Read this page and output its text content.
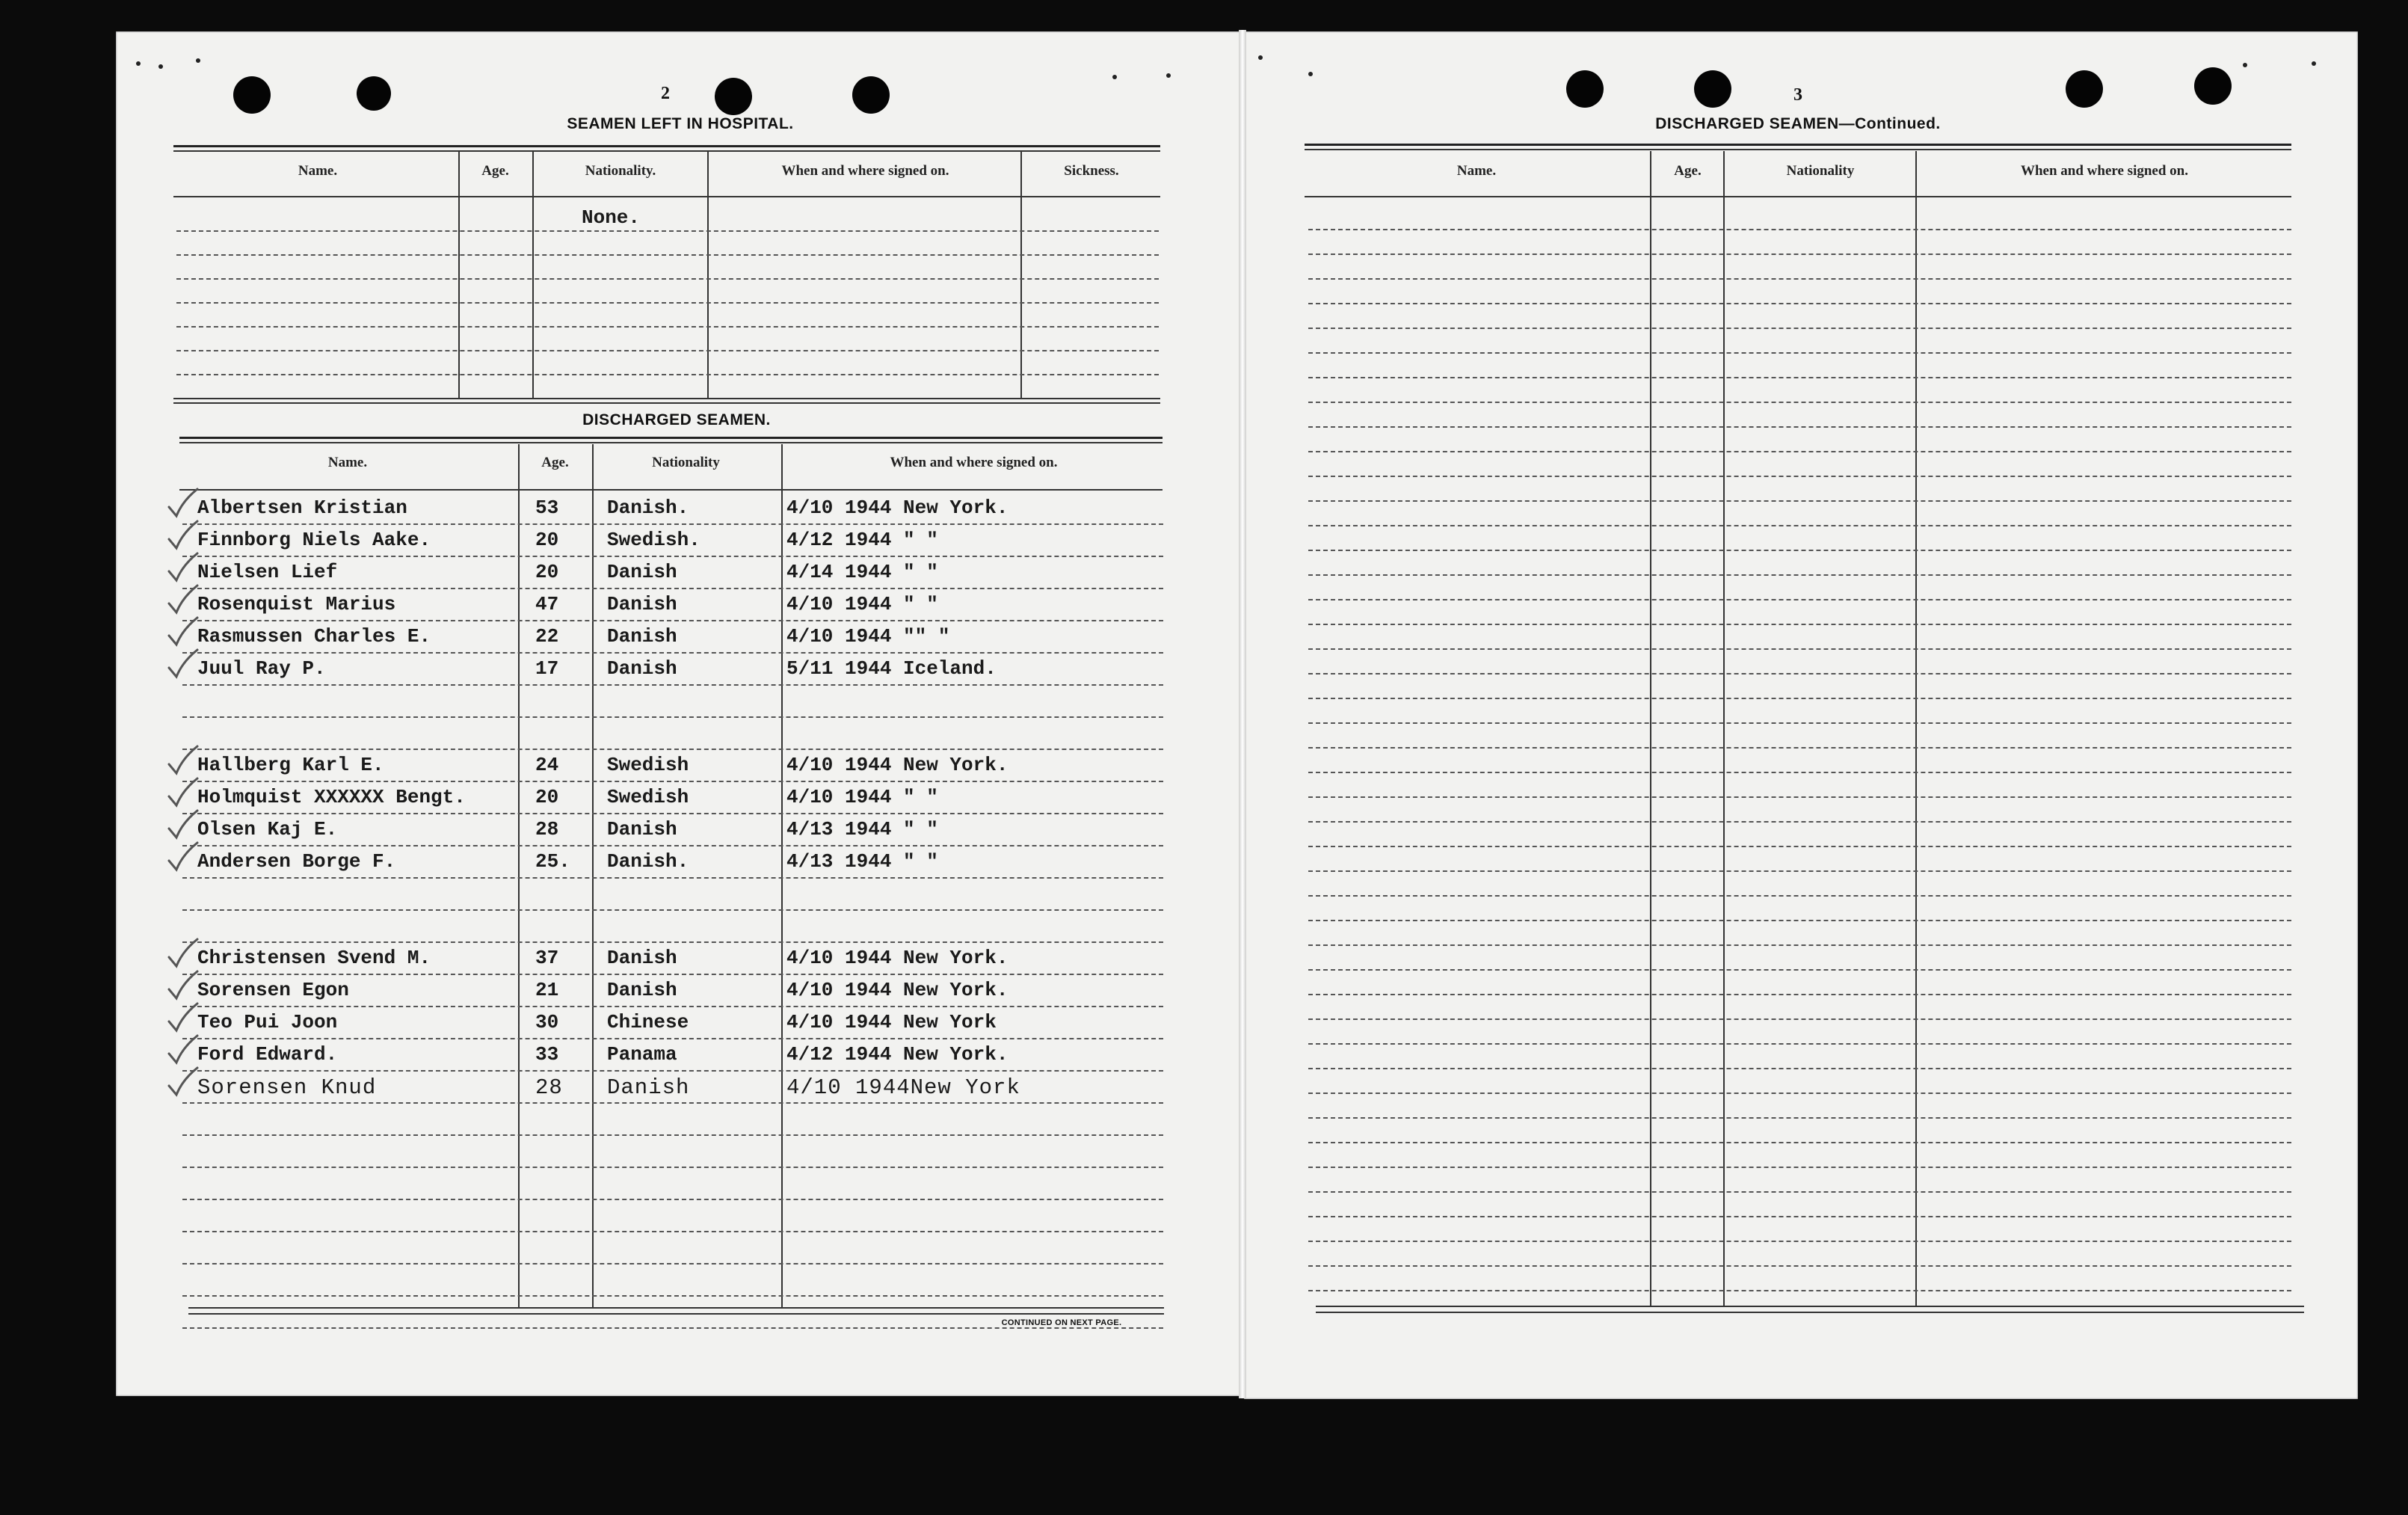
2
SEAMEN LEFT IN HOSPITAL.
Name.	Age.	Nationality.	When and where signed on.	Sickness.
None.
DISCHARGED SEAMEN.
Name.	Age.	Nationality	When and where signed on.
Albertsen Kristian	53 Danish.	4/10 1944 New York.
Finnborg Niels Aake.	20 Swedish.	4/12 1944 " "
Nielsen Lief	20 Danish	4/14 1944 " "
Rosenquist Marius	47 Danish	4/10 1944 " "
Rasmussen Charles E.	22 Danish	4/10 1944 "" "
Juul Ray P.	17 Danish	5/11 1944 Iceland.
Hallberg Karl E.	24 Swedish	4/10 1944 New York.
Holmquist XXXXXX Bengt.	20 Swedish	4/10 1944 " "
Olsen Kaj E.	28 Danish	4/13 1944 " "
Andersen Borge F.	25. Danish.	4/13 1944 " "
Christensen Svend M.	37 Danish	4/10 1944 New York.
Sorensen Egon	21 Danish	4/10 1944 New York.
Teo Pui Joon	30 Chinese	4/10 1944 New York
Ford Edward.	33 Panama	4/12 1944 New York.
Sorensen Knud	28 Danish	4/10 1944New York
CONTINUED ON NEXT PAGE.
3
DISCHARGED SEAMEN—Continued.
Name.	Age.	Nationality	When and where signed on.
